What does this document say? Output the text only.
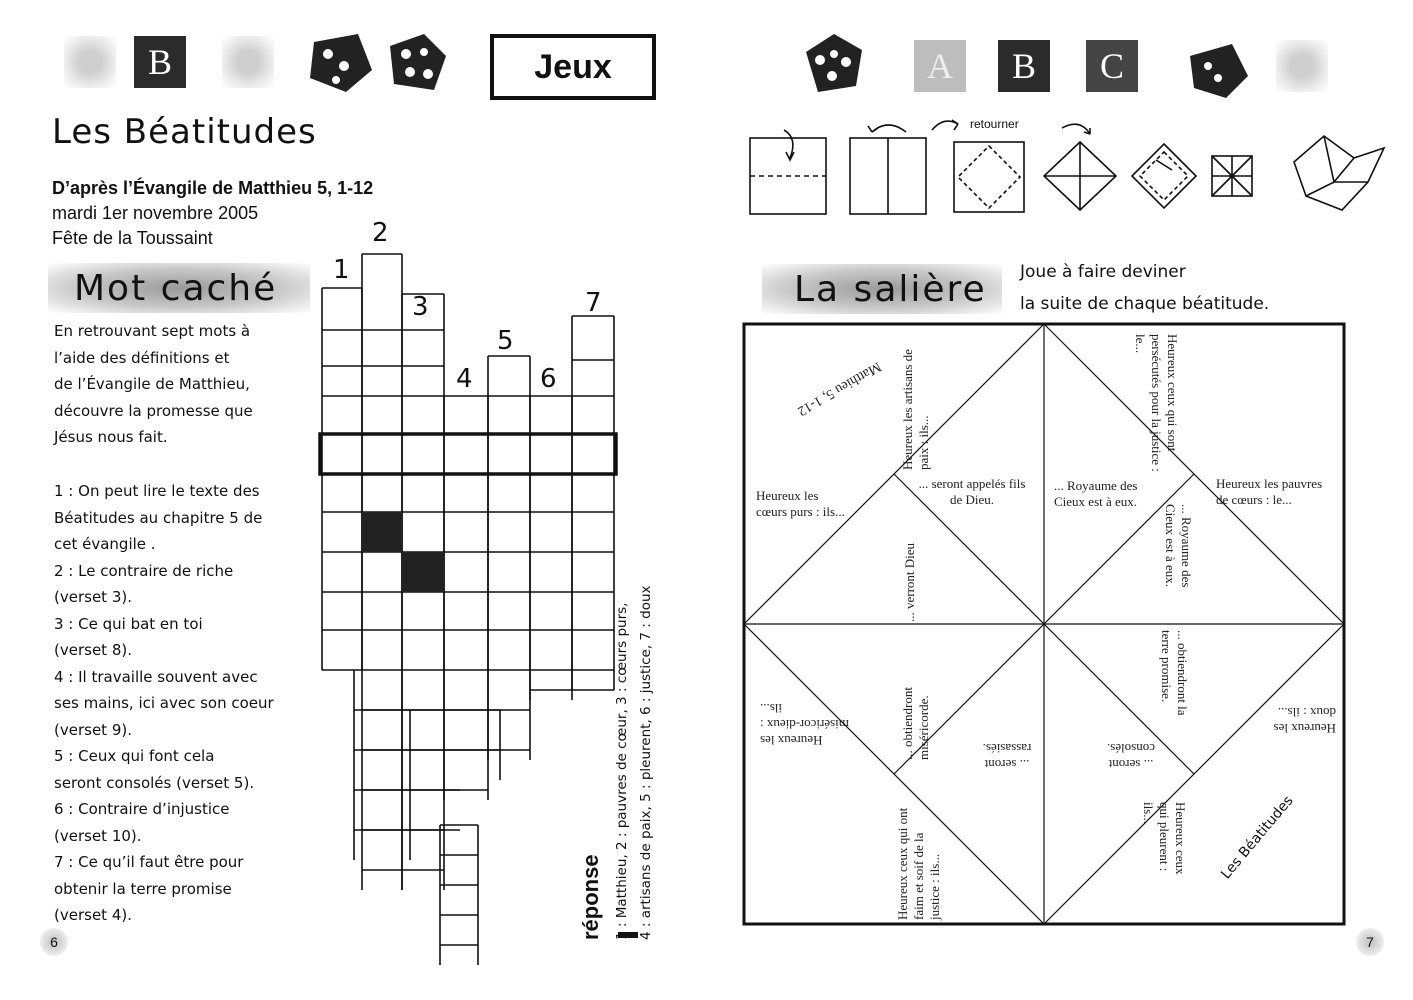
B	Jeux
Les Béatitudes
D’après l’Évangile de Matthieu 5, 1-12
mardi 1er novembre 2005
Fête de la Toussaint
Mot caché
En retrouvant sept mots à
l’aide des définitions et
de l’Évangile de Matthieu,
découvre la promesse que
Jésus nous fait.
1 : On peut lire le texte des
Béatitudes au chapitre 5 de
cet évangile .
2 : Le contraire de riche
(verset 3).
3 : Ce qui bat en toi
(verset 8).
4 : Il travaille souvent avec
ses mains, ici avec son coeur
(verset 9).
5 : Ceux qui font cela
seront consolés (verset 5).
6 : Contraire d’injustice
(verset 10).
7 : Ce qu’il faut être pour
obtenir la terre promise
(verset 4).
1
2
3
4
5
6
7
réponse 1 : Matthieu, 2 : pauvres de cœur, 3 : cœurs purs, 4 : artisans de paix, 5 : pleurent, 6 : justice, 7 : doux
6
A B C
retourner
La salière Joue à faire deviner
la suite de chaque béatitude.
Matthieu 5, 1-12 Heureux les artisans de paix : ils...	Heureux ceux qui sont persécutés pour la justice : le...
Heureux les cœurs purs : ils...
... seront appelés fils de Dieu.
... Royaume des Cieux est à eux.
Heureux les pauvres de cœurs : le...
... verront Dieu	... Royaume des Cieux est à eux.
... obtiendront miséricorde.
... obtiendront la terre promise.
Heureux les miséricor-dieux : ils...
... seront rassasiés.
... seront consolés.
Heureux les doux : ils...
Heureux ceux qui ont faim et soif de la justice : ils...
Heureux ceux qui pleurent : ils...	Les Béatitudes
7
